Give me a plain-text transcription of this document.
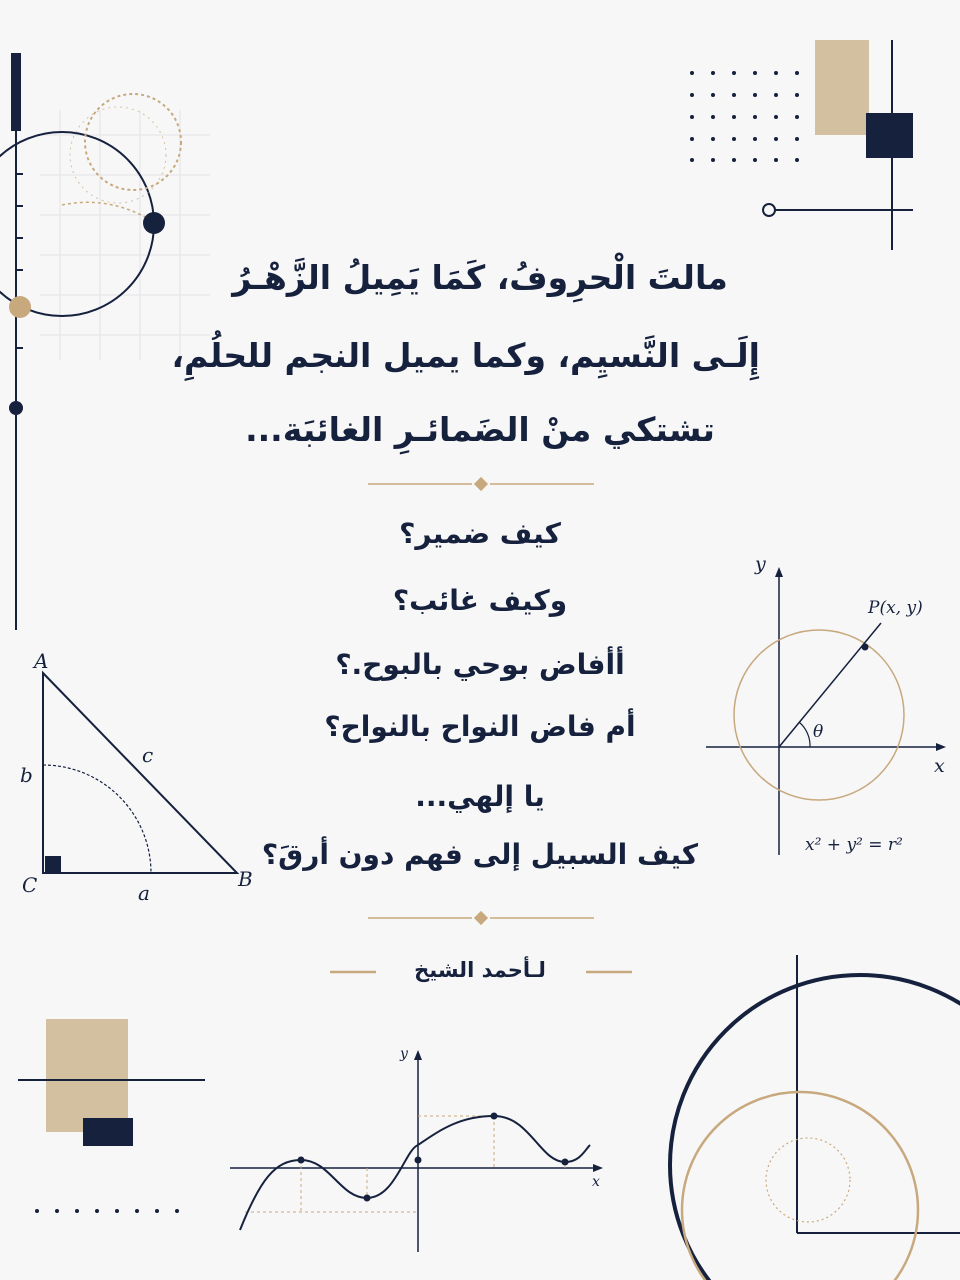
A
B
C	a
b
c
y
x
P(x, y)
θ
x² + y² = r²
y
x
مالتَ الْحرِوفُ، كَمَا يَمِيلُ الزَّهْـرُ
إِلَـى النَّسيِم، وكما يميل النجم للحلُمِ،
تشتكي منْ الضَمائـرِ الغائبَة...
كيف ضمير؟
وكيف غائب؟
أأفاض بوحي بالبوح.؟
أم فاض النواح بالنواح؟
يا إلهي...
كيف السبيل إلى فهم دون أرقَ؟
لـأحمد الشيخ
